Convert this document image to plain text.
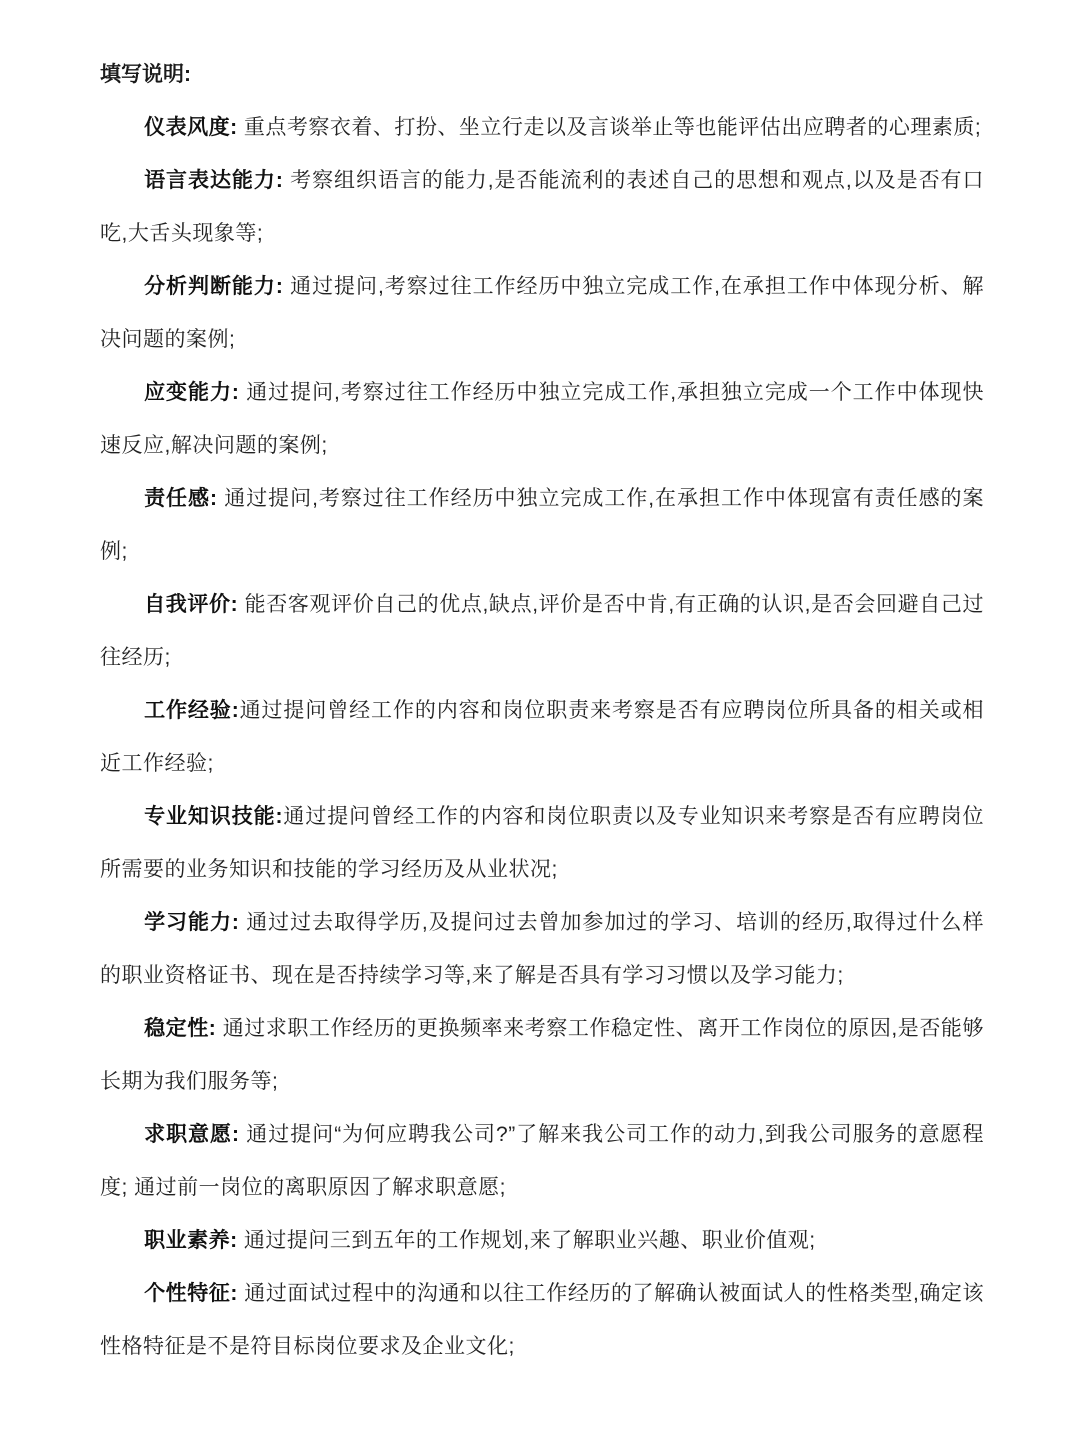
填写说明:

仪表风度: 重点考察衣着、打扮、坐立行走以及言谈举止等也能评估出应聘者的心理素质;

语言表达能力: 考察组织语言的能力,是否能流利的表述自己的思想和观点,以及是否有口吃,大舌头现象等;

分析判断能力: 通过提问,考察过往工作经历中独立完成工作,在承担工作中体现分析、解决问题的案例;

应变能力: 通过提问,考察过往工作经历中独立完成工作,承担独立完成一个工作中体现快速反应,解决问题的案例;

责任感: 通过提问,考察过往工作经历中独立完成工作,在承担工作中体现富有责任感的案例;

自我评价: 能否客观评价自己的优点,缺点,评价是否中肯,有正确的认识,是否会回避自己过往经历;

工作经验:通过提问曾经工作的内容和岗位职责来考察是否有应聘岗位所具备的相关或相近工作经验;

专业知识技能:通过提问曾经工作的内容和岗位职责以及专业知识来考察是否有应聘岗位所需要的业务知识和技能的学习经历及从业状况;

学习能力: 通过过去取得学历,及提问过去曾加参加过的学习、培训的经历,取得过什么样的职业资格证书、现在是否持续学习等,来了解是否具有学习习惯以及学习能力;

稳定性: 通过求职工作经历的更换频率来考察工作稳定性、离开工作岗位的原因,是否能够长期为我们服务等;

求职意愿: 通过提问“为何应聘我公司?”了解来我公司工作的动力,到我公司服务的意愿程度; 通过前一岗位的离职原因了解求职意愿;

职业素养: 通过提问三到五年的工作规划,来了解职业兴趣、职业价值观;

个性特征: 通过面试过程中的沟通和以往工作经历的了解确认被面试人的性格类型,确定该性格特征是不是符目标岗位要求及企业文化;
